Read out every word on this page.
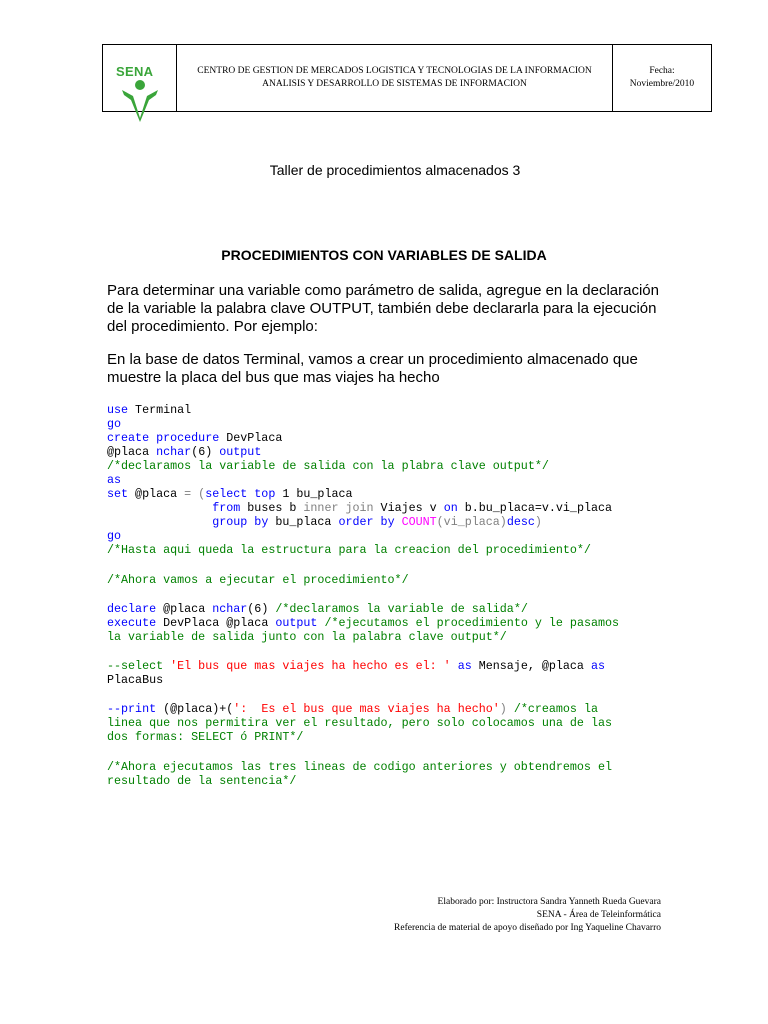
SENA	CENTRO DE GESTION DE MERCADOS LOGISTICA Y TECNOLOGIAS DE LA INFORMACION
ANALISIS Y DESARROLLO DE SISTEMAS DE INFORMACION
Fecha:
Noviembre/2010
Taller de procedimientos almacenados 3
PROCEDIMIENTOS CON VARIABLES DE SALIDA
Para determinar una variable como parámetro de salida, agregue en la declaración de la variable la palabra clave OUTPUT, también debe declararla para la ejecución del procedimiento. Por ejemplo:
En la base de datos Terminal, vamos a crear un procedimiento almacenado que muestre la placa del bus que mas viajes ha hecho
use Terminal
go
create procedure DevPlaca
@placa nchar(6) output
/*declaramos la variable de salida con la plabra clave output*/
as
set @placa = (select top 1 bu_placa
from buses b inner join Viajes v on b.bu_placa=v.vi_placa
group by bu_placa order by COUNT(vi_placa)desc)
go
/*Hasta aqui queda la estructura para la creacion del procedimiento*/
/*Ahora vamos a ejecutar el procedimiento*/
declare @placa nchar(6) /*declaramos la variable de salida*/
execute DevPlaca @placa output /*ejecutamos el procedimiento y le pasamos
la variable de salida junto con la palabra clave output*/
--select 'El bus que mas viajes ha hecho es el: ' as Mensaje, @placa as
PlacaBus
--print (@placa)+(':  Es el bus que mas viajes ha hecho') /*creamos la
linea que nos permitira ver el resultado, pero solo colocamos una de las
dos formas: SELECT ó PRINT*/
/*Ahora ejecutamos las tres lineas de codigo anteriores y obtendremos el
resultado de la sentencia*/
Elaborado por: Instructora Sandra Yanneth Rueda Guevara
SENA - Área de Teleinformática
Referencia de material de apoyo diseñado por Ing Yaqueline Chavarro
